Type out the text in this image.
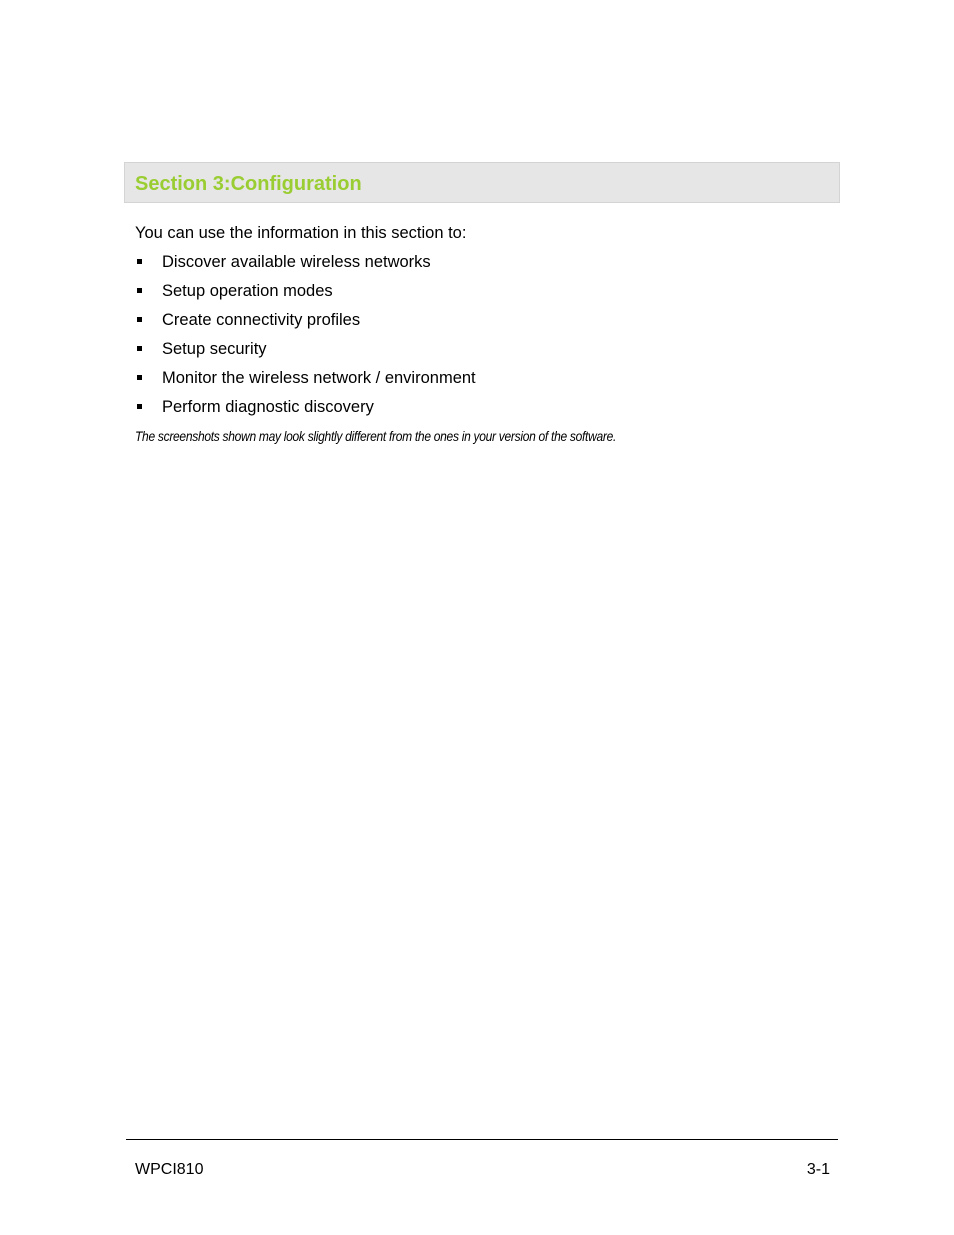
Section 3:Configuration

You can use the information in this section to:

Discover available wireless networks
Setup operation modes
Create connectivity profiles
Setup security
Monitor the wireless network / environment
Perform diagnostic discovery

The screenshots shown may look slightly different from the ones in your version of the software.

WPCI810	3-1
